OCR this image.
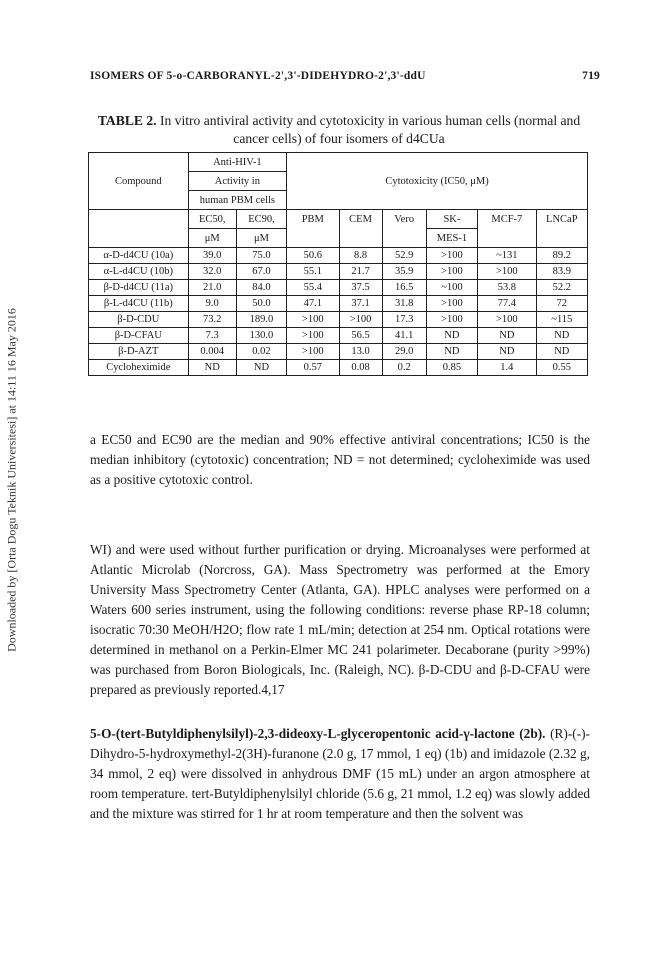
Downloaded by [Orta Dogu Teknik Universitesi] at 14:11 16 May 2016
ISOMERS OF 5-o-CARBORANYL-2',3'-DIDEHYDRO-2',3'-ddU	719
TABLE 2. In vitro antiviral activity and cytotoxicity in various human cells (normal and cancer cells) of four isomers of d4CUa
Compound	Anti-HIV-1		Cytotoxicity (IC50, μM)					
	Activity in							
	human PBM cells							
	EC50,	EC90,	PBM	CEM	Vero	SK-	MCF-7	LNCaP
	μM	μM				MES-1		
α-D-d4CU (10a)	39.0	75.0	50.6	8.8	52.9	>100	~131	89.2
α-L-d4CU (10b)	32.0	67.0	55.1	21.7	35.9	>100	>100	83.9
β-D-d4CU (11a)	21.0	84.0	55.4	37.5	16.5	~100	53.8	52.2
β-L-d4CU (11b)	9.0	50.0	47.1	37.1	31.8	>100	77.4	72
β-D-CDU	73.2	189.0	>100	>100	17.3	>100	>100	~115
β-D-CFAU	7.3	130.0	>100	56.5	41.1	ND	ND	ND
β-D-AZT	0.004	0.02	>100	13.0	29.0	ND	ND	ND
Cycloheximide	ND	ND	0.57	0.08	0.2	0.85	1.4	0.55

a EC50 and EC90 are the median and 90% effective antiviral concentrations; IC50 is the median inhibitory (cytotoxic) concentration; ND = not determined; cycloheximide was used as a positive cytotoxic control.

WI) and were used without further purification or drying. Microanalyses were performed at Atlantic Microlab (Norcross, GA). Mass Spectrometry was performed at the Emory University Mass Spectrometry Center (Atlanta, GA). HPLC analyses were performed on a Waters 600 series instrument, using the following conditions: reverse phase RP-18 column; isocratic 70:30 MeOH/H2O; flow rate 1 mL/min; detection at 254 nm. Optical rotations were determined in methanol on a Perkin-Elmer MC 241 polarimeter. Decaborane (purity >99%) was purchased from Boron Biologicals, Inc. (Raleigh, NC). β-D-CDU and β-D-CFAU were prepared as previously reported.4,17

5-O-(tert-Butyldiphenylsilyl)-2,3-dideoxy-L-glyceropentonic acid-γ-lactone (2b). (R)-(-)-Dihydro-5-hydroxymethyl-2(3H)-furanone (2.0 g, 17 mmol, 1 eq) (1b) and imidazole (2.32 g, 34 mmol, 2 eq) were dissolved in anhydrous DMF (15 mL) under an argon atmosphere at room temperature. tert-Butyldiphenylsilyl chloride (5.6 g, 21 mmol, 1.2 eq) was slowly added and the mixture was stirred for 1 hr at room temperature and then the solvent was
